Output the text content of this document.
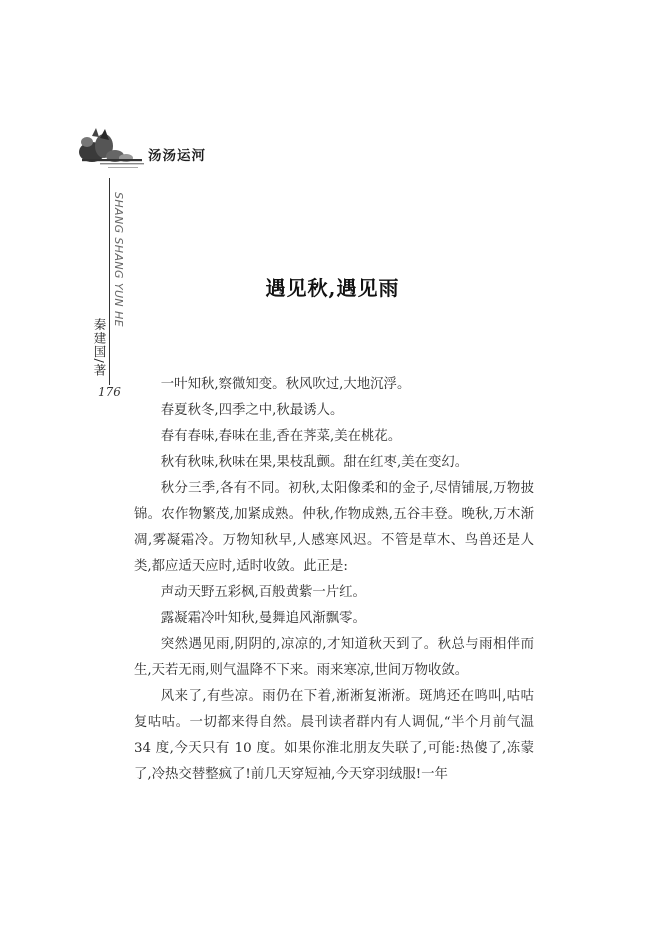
汤汤运河
SHANG SHANG YUN HE
秦建国/著
176
遇见秋,遇见雨

一叶知秋,察微知变。秋风吹过,大地沉浮。

春夏秋冬,四季之中,秋最诱人。

春有春味,春味在韭,香在荠菜,美在桃花。

秋有秋味,秋味在果,果枝乱颤。甜在红枣,美在变幻。

秋分三季,各有不同。初秋,太阳像柔和的金子,尽情铺展,万物披锦。农作物繁茂,加紧成熟。仲秋,作物成熟,五谷丰登。晚秋,万木渐凋,雾凝霜冷。万物知秋早,人感寒风迟。不管是草木、鸟兽还是人类,都应适天应时,适时收敛。此正是:

声动天野五彩枫,百般黄紫一片红。

露凝霜冷叶知秋,曼舞追风渐飘零。

突然遇见雨,阴阴的,凉凉的,才知道秋天到了。秋总与雨相伴而生,天若无雨,则气温降不下来。雨来寒凉,世间万物收敛。

风来了,有些凉。雨仍在下着,淅淅复淅淅。斑鸠还在鸣叫,咕咕复咕咕。一切都来得自然。晨刊读者群内有人调侃,“半个月前气温 34 度,今天只有 10 度。如果你淮北朋友失联了,可能:热傻了,冻蒙了,冷热交替整疯了!前几天穿短袖,今天穿羽绒服!一年
